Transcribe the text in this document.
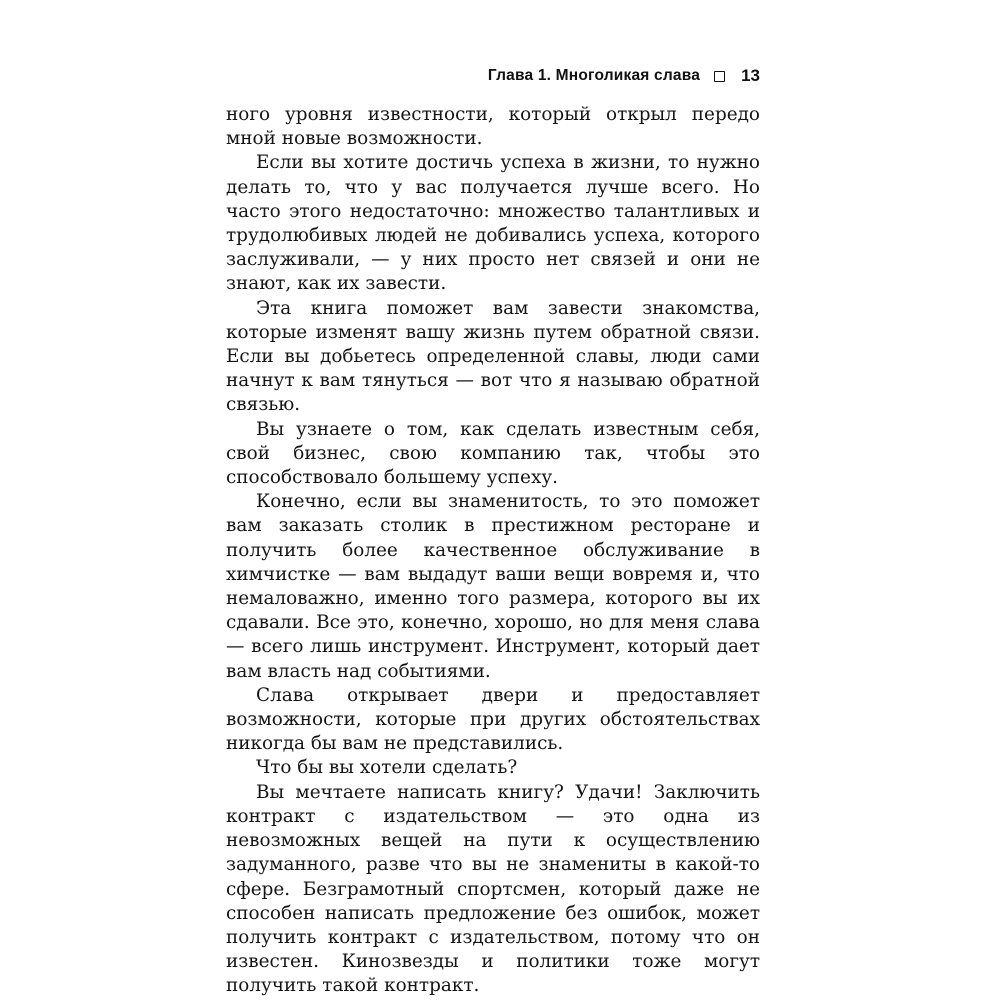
Глава 1. Многоликая слава 13

ного уровня известности, который открыл передо мной новые возможности.

Если вы хотите достичь успеха в жизни, то нужно делать то, что у вас получается лучше всего. Но часто этого недостаточно: множество талантливых и трудолюбивых людей не добивались успеха, которого заслуживали, — у них просто нет связей и они не знают, как их завести.

Эта книга поможет вам завести знакомства, которые изменят вашу жизнь путем обратной связи. Если вы добьетесь определенной славы, люди сами начнут к вам тянуться — вот что я называю обратной связью.

Вы узнаете о том, как сделать известным себя, свой бизнес, свою компанию так, чтобы это способствовало большему успеху.

Конечно, если вы знаменитость, то это поможет вам заказать столик в престижном ресторане и получить более качественное обслуживание в химчистке — вам выдадут ваши вещи вовремя и, что немаловажно, именно того размера, которого вы их сдавали. Все это, конечно, хорошо, но для меня слава — всего лишь инструмент. Инструмент, который дает вам власть над событиями.

Слава открывает двери и предоставляет возможности, которые при других обстоятельствах никогда бы вам не представились.

Что бы вы хотели сделать?

Вы мечтаете написать книгу? Удачи! Заключить контракт с издательством — это одна из невозможных вещей на пути к осуществлению задуманного, разве что вы не знамениты в какой-то сфере. Безграмотный спортсмен, который даже не способен написать предложение без ошибок, может получить контракт с издательством, потому что он известен. Кинозвезды и политики тоже могут получить такой контракт.
